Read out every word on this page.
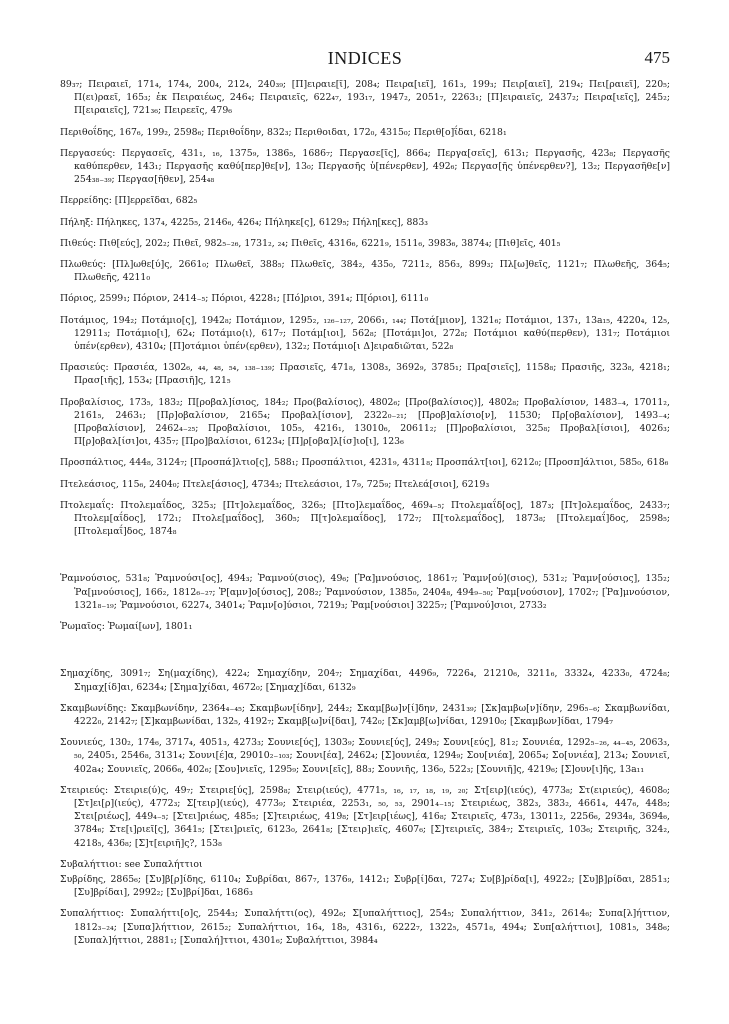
INDICES	475

89₃₇; Πειραιεῖ, 171₄, 174₄, 200₄, 212₄, 240₃₉; [Π]ειραιε[ῖ], 208₄; Πειρα[ιεῖ], 161₃, 199₃; Πειρ[αιεῖ], 219₄; Πει[ραιεῖ], 220₅; Π(ει)ραεῖ, 165₃; ἐκ Πειραιέως, 246₄; Πειραιεῖς, 622₄₇, 193₁₇, 1947₂, 2051₇, 2263₁; [Π]ειραιεῖς, 2437₂; Πειρα[ιεῖς], 245₂; Π[ειραιεῖς], 721₃₆; Πειρεεῖς, 479₆

Περιθοΐδης, 167₆, 199₂, 2598₆; Περιθοΐδην, 832₃; Περιθοιδαι, 172₀, 4315₀; Περιθ[ο]ΐδαι, 6218₁

Περγασεύς: Περγασεῖς, 431₁, ₁₆, 1375₉, 1386₅, 1686₇; Περγασε[ῖς], 866₄; Περγα[σεῖς], 613₁; Περγασῆς, 423₈; Περγασῆς καθύπερθεν, 143₁; Περγασῆς καθύ[περ]θε[ν], 13₀; Περγασῆς ὑ[πένερθεν], 492₆; Περγασ[ῆς ὑπένερθεν?], 13₂; Περγασῆθε[ν] 254₃₈₋₃₉; Περγασ[ῆθεν], 254₄₈

Περρείδης: [Π]ερρεῖδαι, 682₅

Πήληξ: Πήληκες, 137₄, 4225₅, 2146₆, 426₄; Πήληκε[ς], 6129₅; Πήλη[κες], 883₃

Πιθεύς: Πιθ[εύς], 202₂; Πιθεῖ, 982₅₋₂₆, 1731₂, ₂₄; Πιθεῖς, 4316₆, 6221₉, 1511₆, 3983₆, 3874₄; [Πιθ]εῖς, 401₅

Πλωθεύς: [Πλ]ωθε[ύ]ς, 2661₀; Πλωθεῖ, 388₅; Πλωθεῖς, 384₂, 435₀, 7211₂, 856₃, 899₃; Πλ[ω]θεῖς, 1121₇; Πλωθεῆς, 364₅; Πλωθεῆς, 4211₀

Πόριος, 2599₁; Πόριον, 2414₋₅; Πόριοι, 4228₁; [Πό]ριοι, 391₄; Π[όριοι], 6111₀

Ποτάμιος, 194₂; Ποτάμιο[ς], 1942₈; Ποτάμιον, 1295₂, ₁₂₆₋₁₂₇, 2066₁, ₁₄₄; Ποτά[μιον], 1321₆; Ποτάμιοι, 137₁, 13a₁₅, 4220₄, 12₅, 12911₃; Ποτάμιο[ι], 62₄; Ποτάμιο⟨ι⟩, 617₇; Ποτάμ[ιοι], 562₈; [Ποτάμι]οι, 272₈; Ποτάμιοι καθύ(περθεν), 131₇; Ποτάμιοι ὑπέν(ερθεν), 4310₄; [Π]οτάμιοι ὑπέν(ερθεν), 132₂; Ποτάμιο[ι Δ]ειραδιῶται, 522₈

Πρασιεύς: Πρασιέα, 1302₆, ₄₄, ₄₈, ₅₄, ₁₃₈₋₁₃₉; Πρασιεῖς, 471₈, 1308₃, 3692₉, 3785₁; Πρα[σιεῖς], 1158₈; Πρασιῆς, 323₈, 4218₁; Πρασ[ιῆς], 153₄; [Πρασιῆ]ς, 121₅

Προβαλίσιος, 173₅, 183₂; Π[ροβαλ]ίσιος, 184₂; Προ(βαλίσιος), 4802₆; [Προ(βαλίσιος)], 4802₈; Προβαλίσιον, 1483₋₄, 17011₂, 2161₅, 2463₁; [Πρ]οβαλίσιον, 2165₄; Προβαλ[ίσιον], 2322₀₋₂₁; [Προβ]αλίσιο[ν], 11530; Πρ[οβαλίσιον], 1493₋₄; [Προβαλίσιον], 2462₄₋₂₅; Προβαλίσιοι, 105₅, 4216₁, 13010₆, 20611₂; [Π]ροβαλίσιοι, 325₈; Προβαλ[ίσιοι], 4026₃; Π[ρ]οβαλ[ίσι]οι, 435₇; [Προ]βαλίσιοι, 6123₄; [Π]ρ[οβα]λ[ίσ]ιο[ι], 123₆

Προσπάλτιος, 444₈, 3124₇; [Προσπά]λτιο[ς], 588₁; Προσπάλτιοι, 4231₉, 4311₈; Προσπάλτ[ιοι], 6212₀; [Προσπ]άλτιοι, 585₀, 618₆

Πτελεάσιος, 115₆, 2404₀; Πτελε[άσιος], 4734₃; Πτελεάσιοι, 17₉, 725₉; Πτελεά[σιοι], 6219₃

Πτολεμαΐς: Πτολεμαΐδος, 325₃; [Πτ]ολεμαΐδος, 326₅; [Πτο]λεμαΐδος, 469₄₋₅; Πτολεμαΐδ[ος], 187₃; [Πτ]ολεμαΐδος, 2433₇; Πτολεμ[αΐδος], 172₁; Πτολε[μαΐδος], 360₅; Π[τ]ολεμαΐδος], 172₇; Π[τολεμαΐδος], 1873₈; [Πτολεμαΐ]δος, 2598₅; [Πτολεμαΐ]δος, 1874₈

Ῥαμνούσιος, 531₈; Ῥαμνούσι[ος], 494₃; Ῥαμνού(σιος), 49₆; [Ῥα]μνούσιος, 1861₇; Ῥαμν[ού](σιος), 531₂; Ῥαμν[ούσιος], 135₂; Ῥα[μνούσιος], 166₂, 1812₆₋₂₇; Ῥ[αμν]ο[ύσιος], 208₂; Ῥαμνούσιον, 1385₀, 2404₈, 494₉₋₅₀; Ῥαμ[νούσιον], 1702₇; [Ῥα]μνούσιον, 1321₈₋₁₉; Ῥαμνούσιοι, 6227₄, 3401₄; Ῥαμν[ο]ύσιοι, 7219₃; Ῥαμ[νούσιοι] 3225₇; [Ῥαμνού]σιοι, 2733₂

Ῥωμαῖος: Ῥωμαί[ων], 1801₁

Σημαχίδης, 3091₇; Ση(μαχίδης), 422₄; Σημαχίδην, 204₇; Σημαχίδαι, 4496₉, 7226₄, 21210₆, 3211₆, 3332₄, 4233₀, 4724₈; Σημαχ[ίδ]αι, 6234₄; [Σημα]χίδαι, 4672₀; [Σημαχ]ίδαι, 6132₉

Σκαμβωνίδης: Σκαμβωνίδην, 2364₄₋₄₅; Σκαμβων[ίδην], 244₂; Σκαμ[βω]ν[ί]δην, 2431₃₉; [Σκ]αμβω[ν]ίδην, 296₅₋₆; Σκαμβωνίδαι, 4222₀, 2142₇; [Σ]καμβωνίδαι, 132₅, 4192₇; Σκαμβ[ω]νί[δαι], 742₀; [Σκ]αμβ[ω]νίδαι, 12910₀; [Σκαμβων]ίδαι, 1794₇

Σουνιεύς, 130₂, 174₆, 3717₄, 4051₃, 4273₃; Σουνιε[ύς], 1303₉; Σουνιε[ύς], 249₅; Σουνι[εύς], 81₂; Σουνιέα, 1292₅₋₂₆, ₄₄₋₄₅, 2063₃, ₅₀, 2405₁, 2546₈, 3131₄; Σουνι[έ]α, 29010₂₋₁₀₃; Σουνι[έα], 2462₄; [Σ]ουνιέα, 1294₉; Σου[νιέα], 2065₄; Σο[υνιέα], 213₄; Σουνιεῖ, 402a₄; Σουνιεῖς, 2066₆, 402₆; [Σου]νιεῖς, 1295₉; Σουνι[εῖς], 88₃; Σουνιῆς, 136₀, 522₃; [Σουνιῆ]ς, 4219₆; [Σ]ουν[ι]ῆς, 13a₁₁

Στειριεύς: Στειριε(ύ)ς, 49₇; Στειριε[ύς], 2598₈; Στειρ(ιεύς), 4771₅, ₁₆, ₁₇, ₁₈, ₁₉, ₂₀; Στ[ειρ](ιεύς), 4773₈; Στ(ειριεύς), 4608₀; [Στ]ει[ρ](ιεύς), 4772₃; Σ[τειρ](ιεύς), 4773₉; Στειριέα, 2253₁, ₅₀, ₅₃, 2901₄₋₁₅; Στειριέως, 382₃, 383₂, 4661₄, 447₆, 448₅; Στει[ριέως], 449₄₋₅; [Στει]ριέως, 485₅; [Σ]τειριέως, 419₈; [Στ]ειρ[ιέως], 416₈; Στειριεῖς, 473₃, 13011₂, 2256₆, 2934₈, 3694₆, 3784₆; Στε[ι]ριεῖ[ς], 3641₅; [Στει]ριεῖς, 6123₀, 2641₈; [Στειρ]ιεῖς, 4607₆; [Σ]τειριεῖς, 384₇; Στειριεῖς, 103₆; Στειριῆς, 324₂, 4218₅, 436₈; [Σ]τ[ειριῆ]ς?, 153₈

Συβαλήττιοι: see Συπαλήττιοι

Συβρίδης, 2865₆; [Συ]β[ρ]ίδης, 6110₄; Συβρίδαι, 867₇, 1376₉, 1412₁; Συβρ[ί]δαι, 727₄; Συ[β]ρίδα[ι], 4922₂; [Συ]β]ρίδαι, 2851₃; [Συ]βρίδαι], 2992₂; [Συ]βρί]δαι, 1686₃

Συπαλήττιος: Συπαλήττι[ο]ς, 2544₃; Συπαλήττι(ος), 492₆; Σ[υπαλήττιος], 254₅; Συπαλήττιον, 341₂, 2614₆; Συπα[λ]ήττιον, 1812₃₋₂₄; [Συπα]λήττιον, 2615₂; Συπαλήττιοι, 16₄, 18₅, 4316₁, 6222₇, 1322₅, 4571₈, 494₄; Συπ[αλήττιοι], 1081₅, 348₆; [Συπαλ]ήττιοι, 2881₁; [Συπαλή]ττιοι, 4301₆; Συβαλήττιοι, 3984₄
